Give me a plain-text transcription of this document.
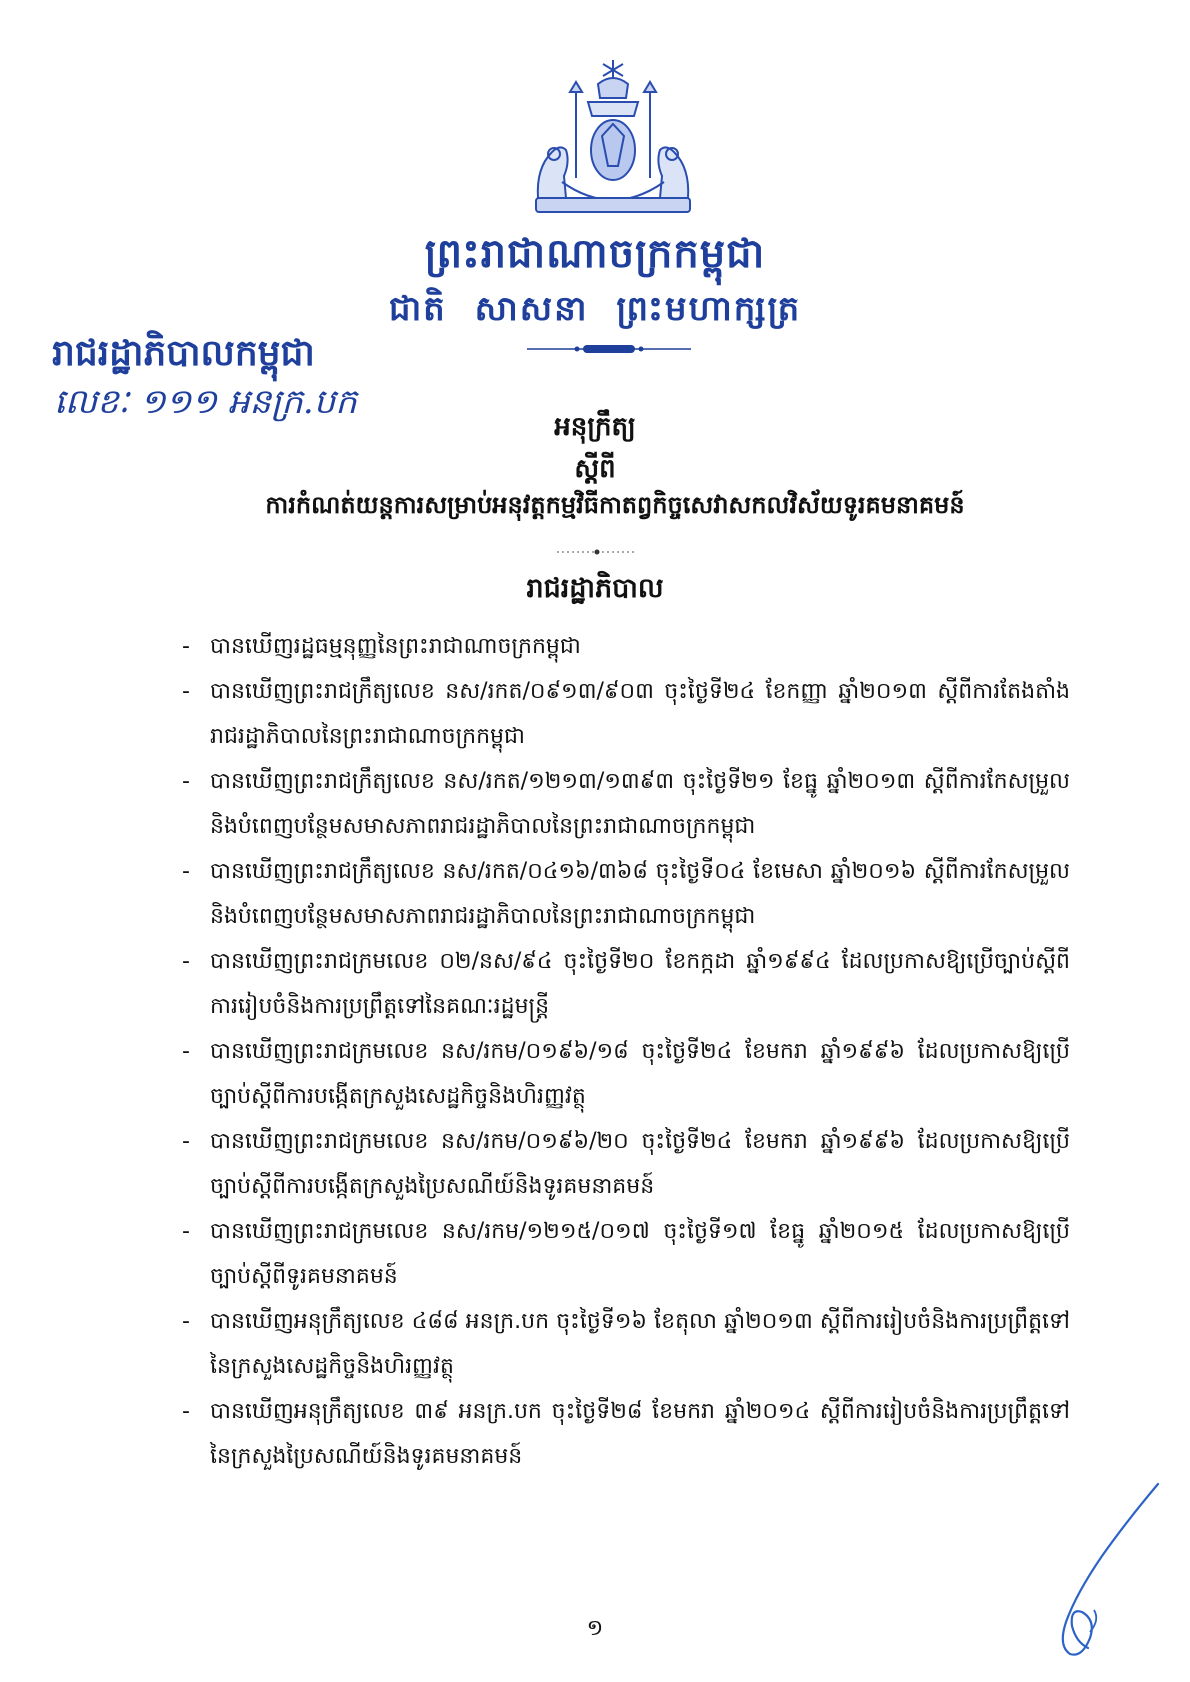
ព្រះរាជាណាចក្រកម្ពុជា
ជាតិ សាសនា ព្រះមហាក្សត្រ
រាជរដ្ឋាភិបាលកម្ពុជា
លេខៈ ១១១ អនក្រ.បក
អនុក្រឹត្យ
ស្តីពី
ការកំណត់យន្តការសម្រាប់អនុវត្តកម្មវិធីកាតព្វកិច្ចសេវាសកលវិស័យទូរគមនាគមន៍
រាជរដ្ឋាភិបាល
- បានឃើញរដ្ឋធម្មនុញ្ញនៃព្រះរាជាណាចក្រកម្ពុជា
- បានឃើញព្រះរាជក្រឹត្យលេខ នស/រកត/០៩១៣/៩០៣ ចុះថ្ងៃទី២៤ ខែកញ្ញា ឆ្នាំ២០១៣ ស្តីពីការតែងតាំងរាជរដ្ឋាភិបាលនៃព្រះរាជាណាចក្រកម្ពុជា
- បានឃើញព្រះរាជក្រឹត្យលេខ នស/រកត/១២១៣/១៣៩៣ ចុះថ្ងៃទី២១ ខែធ្នូ ឆ្នាំ២០១៣ ស្តីពីការកែសម្រួលនិងបំពេញបន្ថែមសមាសភាពរាជរដ្ឋាភិបាលនៃព្រះរាជាណាចក្រកម្ពុជា
- បានឃើញព្រះរាជក្រឹត្យលេខ នស/រកត/០៤១៦/៣៦៨ ចុះថ្ងៃទី០៤ ខែមេសា ឆ្នាំ២០១៦ ស្តីពីការកែសម្រួលនិងបំពេញបន្ថែមសមាសភាពរាជរដ្ឋាភិបាលនៃព្រះរាជាណាចក្រកម្ពុជា
- បានឃើញព្រះរាជក្រមលេខ ០២/នស/៩៤ ចុះថ្ងៃទី២០ ខែកក្កដា ឆ្នាំ១៩៩៤ ដែលប្រកាសឱ្យប្រើច្បាប់ស្តីពីការរៀបចំនិងការប្រព្រឹត្តទៅនៃគណៈរដ្ឋមន្ត្រី
- បានឃើញព្រះរាជក្រមលេខ នស/រកម/០១៩៦/១៨ ចុះថ្ងៃទី២៤ ខែមករា ឆ្នាំ១៩៩៦ ដែលប្រកាសឱ្យប្រើច្បាប់ស្តីពីការបង្កើតក្រសួងសេដ្ឋកិច្ចនិងហិរញ្ញវត្ថុ
- បានឃើញព្រះរាជក្រមលេខ នស/រកម/០១៩៦/២០ ចុះថ្ងៃទី២៤ ខែមករា ឆ្នាំ១៩៩៦ ដែលប្រកាសឱ្យប្រើច្បាប់ស្តីពីការបង្កើតក្រសួងប្រៃសណីយ៍និងទូរគមនាគមន៍
- បានឃើញព្រះរាជក្រមលេខ នស/រកម/១២១៥/០១៧ ចុះថ្ងៃទី១៧ ខែធ្នូ ឆ្នាំ២០១៥ ដែលប្រកាសឱ្យប្រើច្បាប់ស្តីពីទូរគមនាគមន៍
- បានឃើញអនុក្រឹត្យលេខ ៤៨៨ អនក្រ.បក ចុះថ្ងៃទី១៦ ខែតុលា ឆ្នាំ២០១៣ ស្តីពីការរៀបចំនិងការប្រព្រឹត្តទៅនៃក្រសួងសេដ្ឋកិច្ចនិងហិរញ្ញវត្ថុ
- បានឃើញអនុក្រឹត្យលេខ ៣៩ អនក្រ.បក ចុះថ្ងៃទី២៨ ខែមករា ឆ្នាំ២០១៤ ស្តីពីការរៀបចំនិងការប្រព្រឹត្តទៅនៃក្រសួងប្រៃសណីយ៍និងទូរគមនាគមន៍
១
